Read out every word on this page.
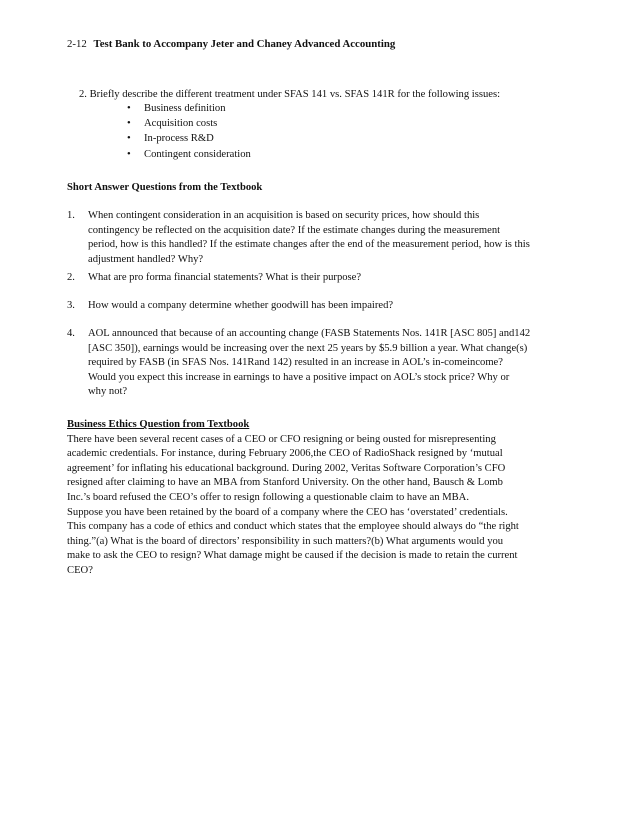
2-12 Test Bank to Accompany Jeter and Chaney Advanced Accounting
2. Briefly describe the different treatment under SFAS 141 vs. SFAS 141R for the following issues:
• Business definition
• Acquisition costs
• In-process R&D
• Contingent consideration
Short Answer Questions from the Textbook
1. When contingent consideration in an acquisition is based on security prices, how should this
contingency be reflected on the acquisition date? If the estimate changes during the measurement
period, how is this handled? If the estimate changes after the end of the measurement period, how is this
adjustment handled? Why?
2. What are pro forma financial statements? What is their purpose?
3. How would a company determine whether goodwill has been impaired?
4. AOL announced that because of an accounting change (FASB Statements Nos. 141R [ASC 805] and142
[ASC 350]), earnings would be increasing over the next 25 years by $5.9 billion a year. What change(s)
required by FASB (in SFAS Nos. 141Rand 142) resulted in an increase in AOL’s in-comeincome?
Would you expect this increase in earnings to have a positive impact on AOL’s stock price? Why or
why not?
Business Ethics Question from Textbook
There have been several recent cases of a CEO or CFO resigning or being ousted for misrepresenting
academic credentials. For instance, during February 2006,the CEO of RadioShack resigned by ‘mutual
agreement’ for inflating his educational background. During 2002, Veritas Software Corporation’s CFO
resigned after claiming to have an MBA from Stanford University. On the other hand, Bausch & Lomb
Inc.’s board refused the CEO’s offer to resign following a questionable claim to have an MBA.
Suppose you have been retained by the board of a company where the CEO has ‘overstated’ credentials.
This company has a code of ethics and conduct which states that the employee should always do “the right
thing.”(a) What is the board of directors’ responsibility in such matters?(b) What arguments would you
make to ask the CEO to resign? What damage might be caused if the decision is made to retain the current
CEO?
